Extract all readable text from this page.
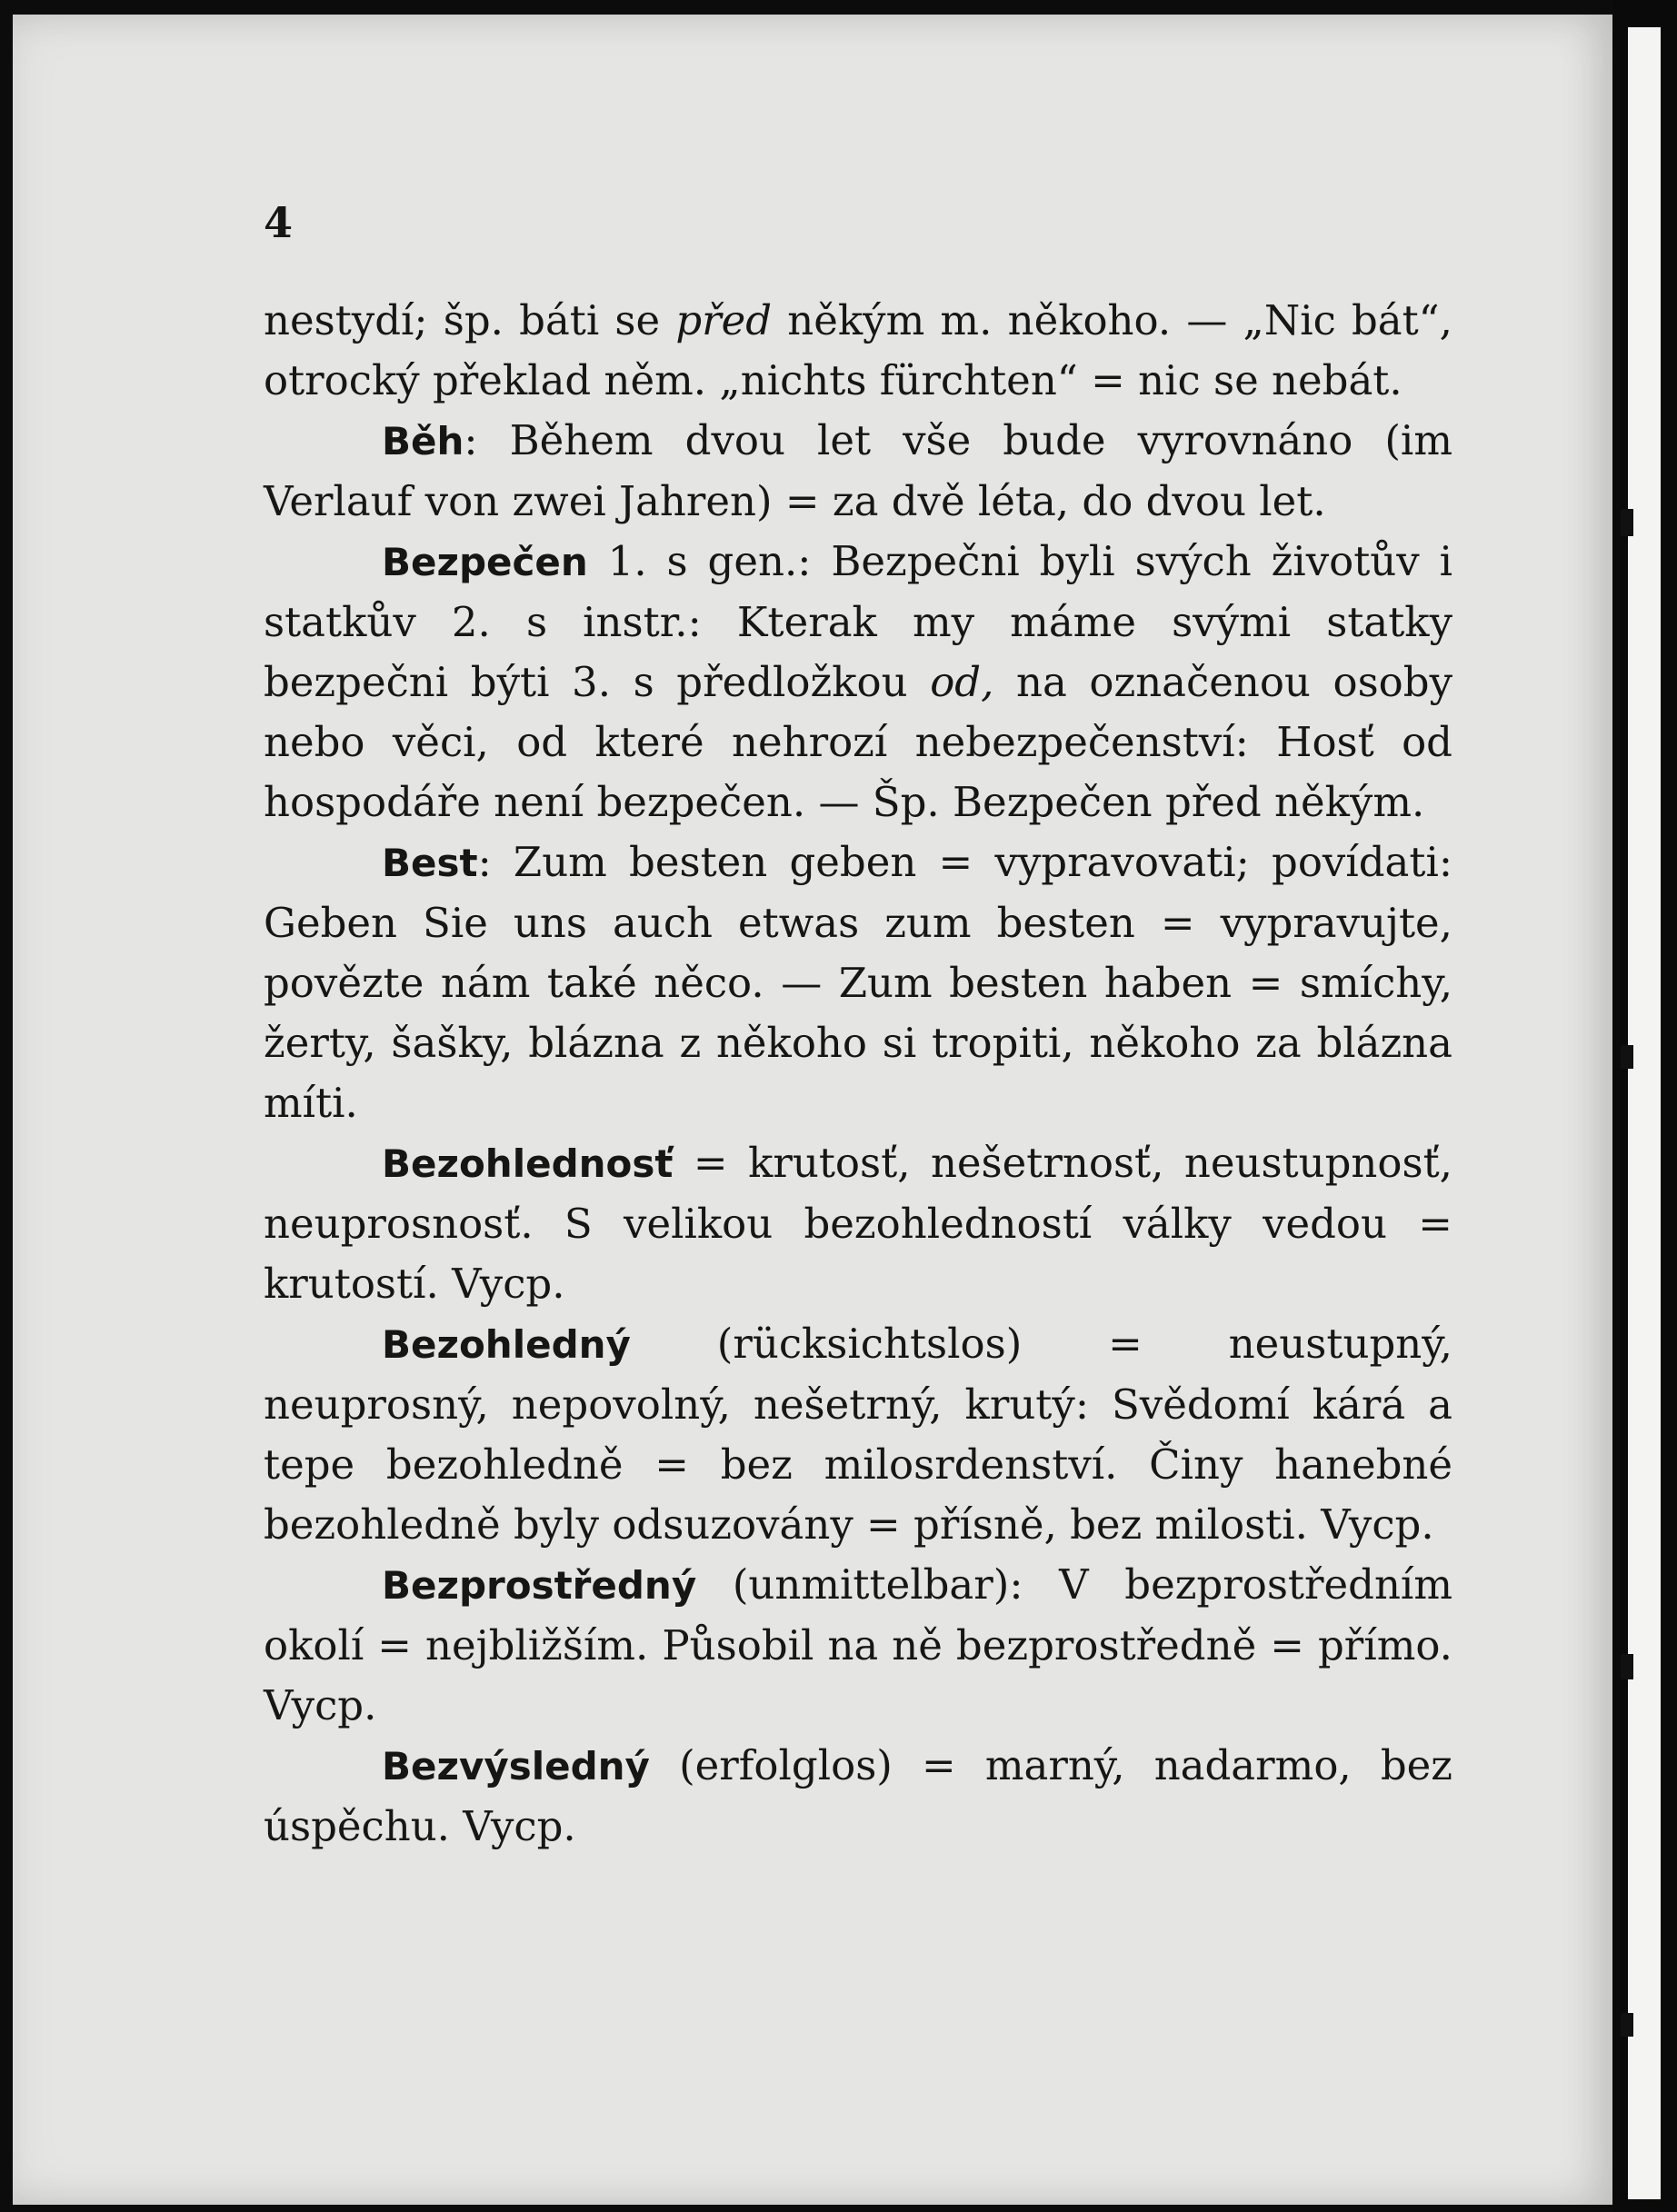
4

nestydí; šp. báti se před někým m. někoho. — „Nic bát“, otrocký překlad něm. „nichts fürchten“ = nic se nebát.

Běh: Během dvou let vše bude vyrovnáno (im Verlauf von zwei Jahren) = za dvě léta, do dvou let.

Bezpečen 1. s gen.: Bezpečni byli svých životův i statkův 2. s instr.: Kterak my máme svými statky bezpečni býti 3. s předložkou od, na označenou osoby nebo věci, od které nehrozí nebezpečenství: Hosť od hospodáře není bezpečen. — Šp. Bezpečen před někým.

Best: Zum besten geben = vypravovati; povídati: Geben Sie uns auch etwas zum besten = vypravujte, povězte nám také něco. — Zum besten haben = smíchy, žerty, šašky, blázna z někoho si tropiti, někoho za blázna míti.

Bezohlednosť = krutosť, nešetrnosť, neustupnosť, neuprosnosť. S velikou bezohledností války vedou = krutostí. Vycp.

Bezohledný (rücksichtslos) = neustupný, neuprosný, nepovolný, nešetrný, krutý: Svědomí kárá a tepe bezohledně = bez milosrdenství. Činy hanebné bezohledně byly odsuzovány = přísně, bez milosti. Vycp.

Bezprostředný (unmittelbar): V bezprostředním okolí = nejbližším. Působil na ně bezprostředně = přímo. Vycp.

Bezvýsledný (erfolglos) = marný, nadarmo, bez úspěchu. Vycp.
